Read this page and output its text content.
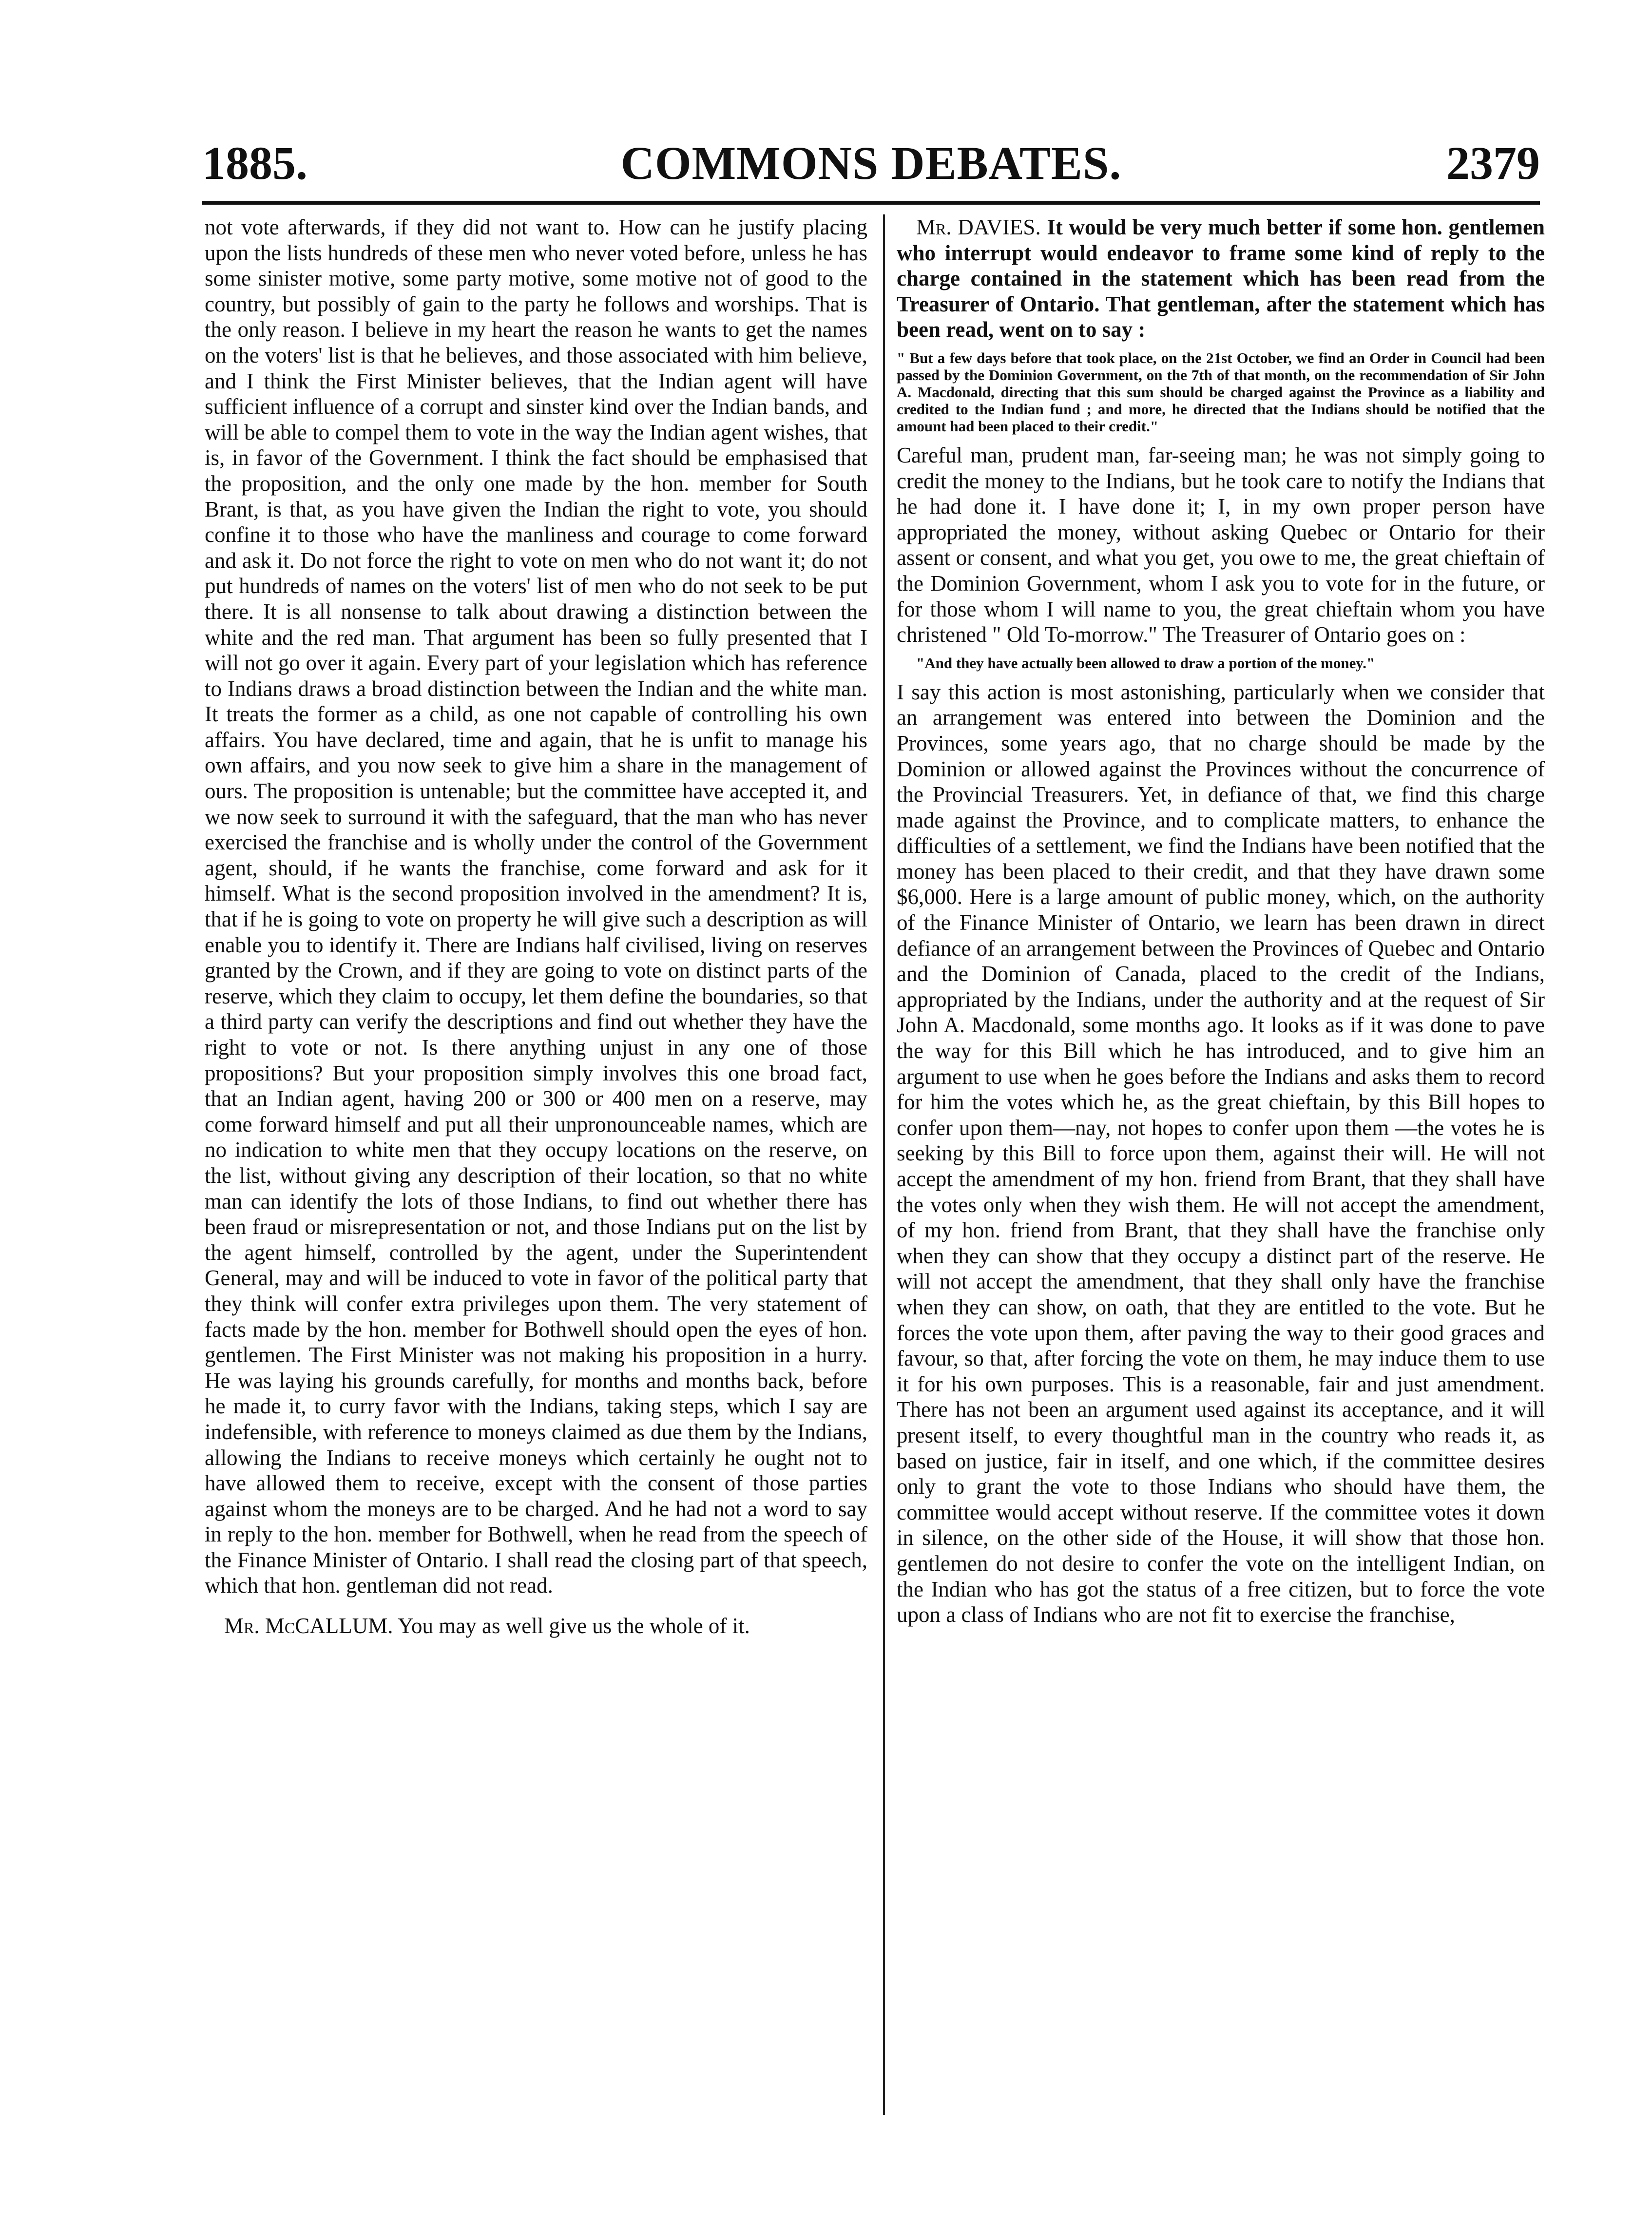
1885.	COMMONS DEBATES.	2379

not vote afterwards, if they did not want to. How can he justify placing upon the lists hundreds of these men who never voted before, unless he has some sinister motive, some party motive, some motive not of good to the country, but possibly of gain to the party he follows and worships. That is the only reason. I believe in my heart the reason he wants to get the names on the voters' list is that he believes, and those associated with him believe, and I think the First Minister believes, that the Indian agent will have sufficient influence of a corrupt and sinster kind over the Indian bands, and will be able to compel them to vote in the way the Indian agent wishes, that is, in favor of the Government. I think the fact should be emphasised that the proposition, and the only one made by the hon. member for South Brant, is that, as you have given the Indian the right to vote, you should confine it to those who have the manliness and courage to come forward and ask it. Do not force the right to vote on men who do not want it; do not put hundreds of names on the voters' list of men who do not seek to be put there. It is all nonsense to talk about drawing a distinction between the white and the red man. That argument has been so fully presented that I will not go over it again. Every part of your legislation which has reference to Indians draws a broad distinction between the Indian and the white man. It treats the former as a child, as one not capable of controlling his own affairs. You have declared, time and again, that he is unfit to manage his own affairs, and you now seek to give him a share in the management of ours. The proposition is untenable; but the committee have accepted it, and we now seek to surround it with the safeguard, that the man who has never exercised the franchise and is wholly under the control of the Government agent, should, if he wants the franchise, come forward and ask for it himself. What is the second proposition involved in the amendment? It is, that if he is going to vote on property he will give such a description as will enable you to identify it. There are Indians half civilised, living on reserves granted by the Crown, and if they are going to vote on distinct parts of the reserve, which they claim to occupy, let them define the boundaries, so that a third party can verify the descriptions and find out whether they have the right to vote or not. Is there anything unjust in any one of those propositions? But your proposition simply involves this one broad fact, that an Indian agent, having 200 or 300 or 400 men on a reserve, may come forward himself and put all their unpronounceable names, which are no indication to white men that they occupy locations on the reserve, on the list, without giving any description of their location, so that no white man can identify the lots of those Indians, to find out whether there has been fraud or misrepresentation or not, and those Indians put on the list by the agent himself, controlled by the agent, under the Superintendent General, may and will be induced to vote in favor of the political party that they think will confer extra privileges upon them. The very statement of facts made by the hon. member for Bothwell should open the eyes of hon. gentlemen. The First Minister was not making his proposition in a hurry. He was laying his grounds carefully, for months and months back, before he made it, to curry favor with the Indians, taking steps, which I say are indefensible, with reference to moneys claimed as due them by the Indians, allowing the Indians to receive moneys which certainly he ought not to have allowed them to receive, except with the consent of those parties against whom the moneys are to be charged. And he had not a word to say in reply to the hon. member for Bothwell, when he read from the speech of the Finance Minister of Ontario. I shall read the closing part of that speech, which that hon. gentleman did not read.

Mr. McCALLUM. You may as well give us the whole of it.

Mr. DAVIES. It would be very much better if some hon. gentlemen who interrupt would endeavor to frame some kind of reply to the charge contained in the statement which has been read from the Treasurer of Ontario. That gentleman, after the statement which has been read, went on to say :

" But a few days before that took place, on the 21st October, we find an Order in Council had been passed by the Dominion Government, on the 7th of that month, on the recommendation of Sir John A. Macdonald, directing that this sum should be charged against the Province as a liability and credited to the Indian fund ; and more, he directed that the Indians should be notified that the amount had been placed to their credit."

Careful man, prudent man, far-seeing man; he was not simply going to credit the money to the Indians, but he took care to notify the Indians that he had done it. I have done it; I, in my own proper person have appropriated the money, without asking Quebec or Ontario for their assent or consent, and what you get, you owe to me, the great chieftain of the Dominion Government, whom I ask you to vote for in the future, or for those whom I will name to you, the great chieftain whom you have christened " Old To-morrow." The Treasurer of Ontario goes on :

"And they have actually been allowed to draw a portion of the money."

I say this action is most astonishing, particularly when we consider that an arrangement was entered into between the Dominion and the Provinces, some years ago, that no charge should be made by the Dominion or allowed against the Provinces without the concurrence of the Provincial Treasurers. Yet, in defiance of that, we find this charge made against the Province, and to complicate matters, to enhance the difficulties of a settlement, we find the Indians have been notified that the money has been placed to their credit, and that they have drawn some $6,000. Here is a large amount of public money, which, on the authority of the Finance Minister of Ontario, we learn has been drawn in direct defiance of an arrangement between the Provinces of Quebec and Ontario and the Dominion of Canada, placed to the credit of the Indians, appropriated by the Indians, under the authority and at the request of Sir John A. Macdonald, some months ago. It looks as if it was done to pave the way for this Bill which he has introduced, and to give him an argument to use when he goes before the Indians and asks them to record for him the votes which he, as the great chieftain, by this Bill hopes to confer upon them—nay, not hopes to confer upon them —the votes he is seeking by this Bill to force upon them, against their will. He will not accept the amendment of my hon. friend from Brant, that they shall have the votes only when they wish them. He will not accept the amendment, of my hon. friend from Brant, that they shall have the franchise only when they can show that they occupy a distinct part of the reserve. He will not accept the amendment, that they shall only have the franchise when they can show, on oath, that they are entitled to the vote. But he forces the vote upon them, after paving the way to their good graces and favour, so that, after forcing the vote on them, he may induce them to use it for his own purposes. This is a reasonable, fair and just amendment. There has not been an argument used against its acceptance, and it will present itself, to every thoughtful man in the country who reads it, as based on justice, fair in itself, and one which, if the committee desires only to grant the vote to those Indians who should have them, the committee would accept without reserve. If the committee votes it down in silence, on the other side of the House, it will show that those hon. gentlemen do not desire to confer the vote on the intelligent Indian, on the Indian who has got the status of a free citizen, but to force the vote upon a class of Indians who are not fit to exercise the franchise,
